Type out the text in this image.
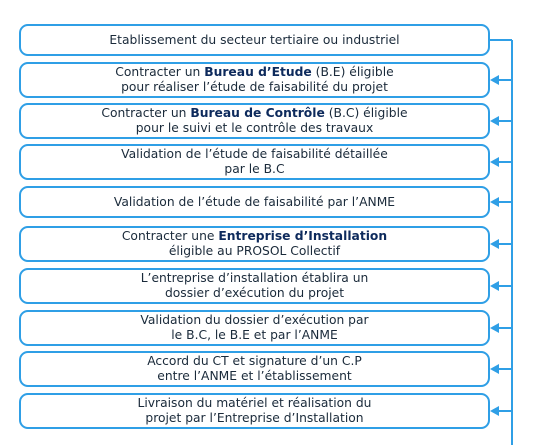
Etablissement du secteur tertiaire ou industriel
Contracter un Bureau d’Etude (B.E) éligible
pour réaliser l’étude de faisabilité du projet
Contracter un Bureau de Contrôle (B.C) éligible
pour le suivi et le contrôle des travaux
Validation de l’étude de faisabilité détaillée
par le B.C
Validation de l’étude de faisabilité par l’ANME
Contracter une Entreprise d’Installation
éligible au PROSOL Collectif
L’entreprise d’installation établira un
dossier d’exécution du projet
Validation du dossier d’exécution par
le B.C, le B.E et par l’ANME
Accord du CT et signature d’un C.P
entre l’ANME et l’établissement
Livraison du matériel et réalisation du
projet par l’Entreprise d’Installation
